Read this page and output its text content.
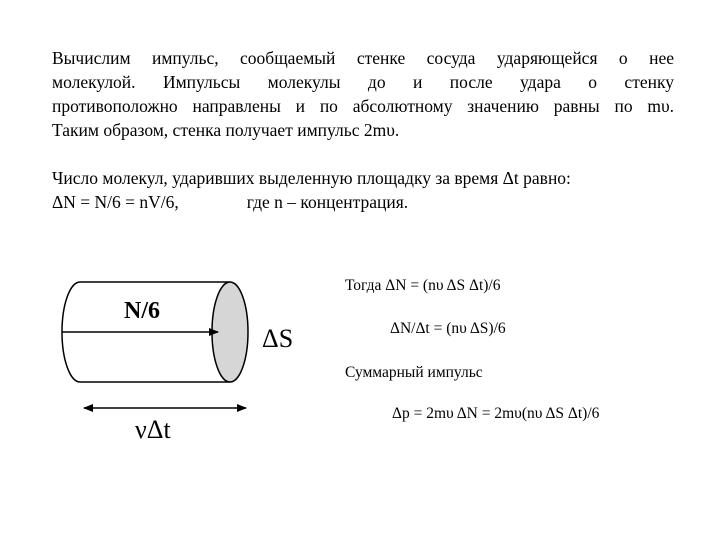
Вычислим импульс, сообщаемый стенке сосуда ударяющейся о нее
молекулой. Импульсы молекулы до и после удара о стенку
противоположно направлены и по абсолютному значению равны по mυ.
Таким образом, стенка получает импульс 2mυ.
Число молекул, ударивших выделенную площадку за время Δt равно:
ΔN = N/6 = nV/6,	где n – концентрация.
N/6
ΔS
νΔt
Тогда ΔN = (nυ ΔS Δt)/6
ΔN/Δt = (nυ ΔS)/6
Суммарный импульс
Δp = 2mυ ΔN = 2mυ(nυ ΔS Δt)/6
